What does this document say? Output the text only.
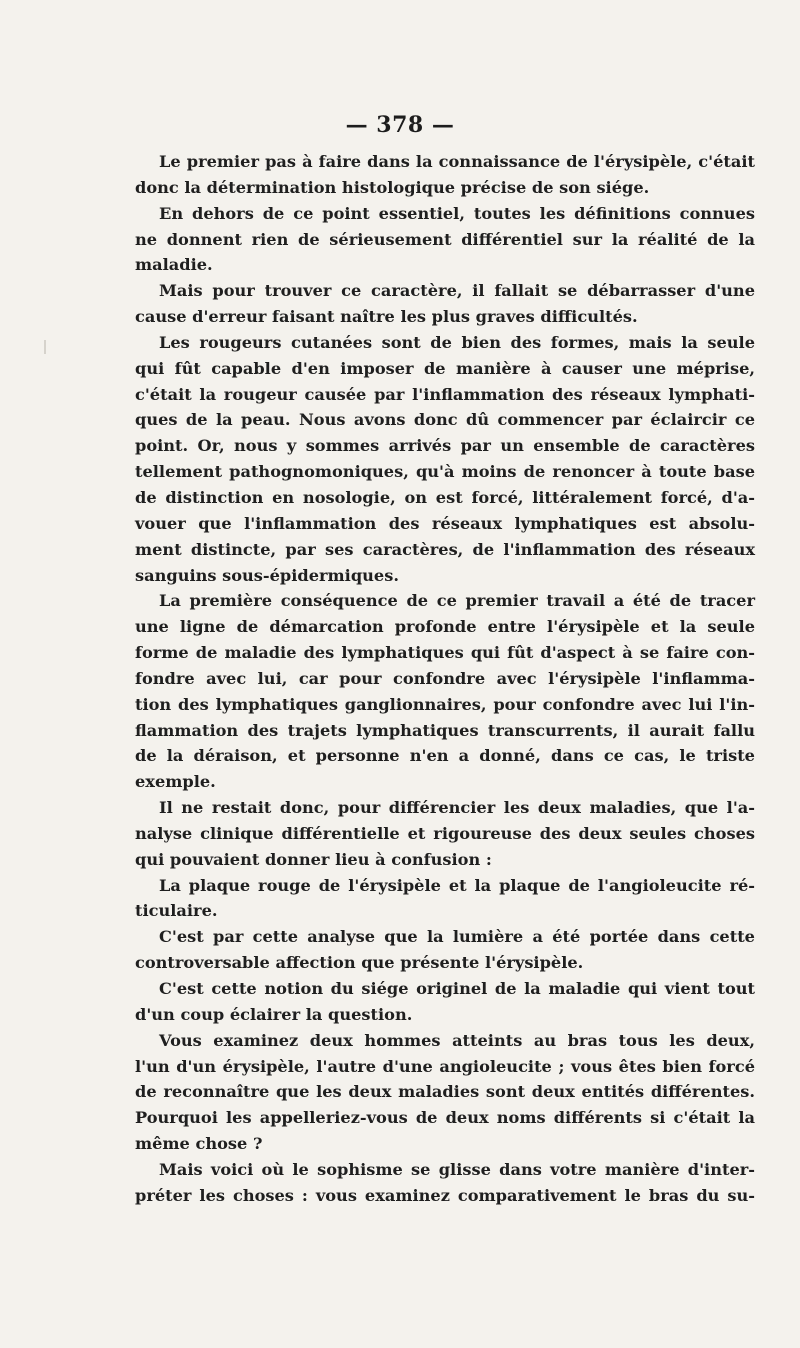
— 378 —
Le premier pas à faire dans la connaissance de l'érysipèle, c'était
donc la détermination histologique précise de son siége.
En dehors de ce point essentiel, toutes les définitions connues
ne donnent rien de sérieusement différentiel sur la réalité de la
maladie.
Mais pour trouver ce caractère, il fallait se débarrasser d'une
cause d'erreur faisant naître les plus graves difficultés.
Les rougeurs cutanées sont de bien des formes, mais la seule
qui fût capable d'en imposer de manière à causer une méprise,
c'était la rougeur causée par l'inflammation des réseaux lymphati-
ques de la peau. Nous avons donc dû commencer par éclaircir ce
point. Or, nous y sommes arrivés par un ensemble de caractères
tellement pathognomoniques, qu'à moins de renoncer à toute base
de distinction en nosologie, on est forcé, littéralement forcé, d'a-
vouer que l'inflammation des réseaux lymphatiques est absolu-
ment distincte, par ses caractères, de l'inflammation des réseaux
sanguins sous-épidermiques.
La première conséquence de ce premier travail a été de tracer
une ligne de démarcation profonde entre l'érysipèle et la seule
forme de maladie des lymphatiques qui fût d'aspect à se faire con-
fondre avec lui, car pour confondre avec l'érysipèle l'inflamma-
tion des lymphatiques ganglionnaires, pour confondre avec lui l'in-
flammation des trajets lymphatiques transcurrents, il aurait fallu
de la déraison, et personne n'en a donné, dans ce cas, le triste
exemple.
Il ne restait donc, pour différencier les deux maladies, que l'a-
nalyse clinique différentielle et rigoureuse des deux seules choses
qui pouvaient donner lieu à confusion :
La plaque rouge de l'érysipèle et la plaque de l'angioleucite ré-
ticulaire.
C'est par cette analyse que la lumière a été portée dans cette
controversable affection que présente l'érysipèle.
C'est cette notion du siége originel de la maladie qui vient tout
d'un coup éclairer la question.
Vous examinez deux hommes atteints au bras tous les deux,
l'un d'un érysipèle, l'autre d'une angioleucite ; vous êtes bien forcé
de reconnaître que les deux maladies sont deux entités différentes.
Pourquoi les appelleriez-vous de deux noms différents si c'était la
même chose ?
Mais voici où le sophisme se glisse dans votre manière d'inter-
préter les choses : vous examinez comparativement le bras du su-
